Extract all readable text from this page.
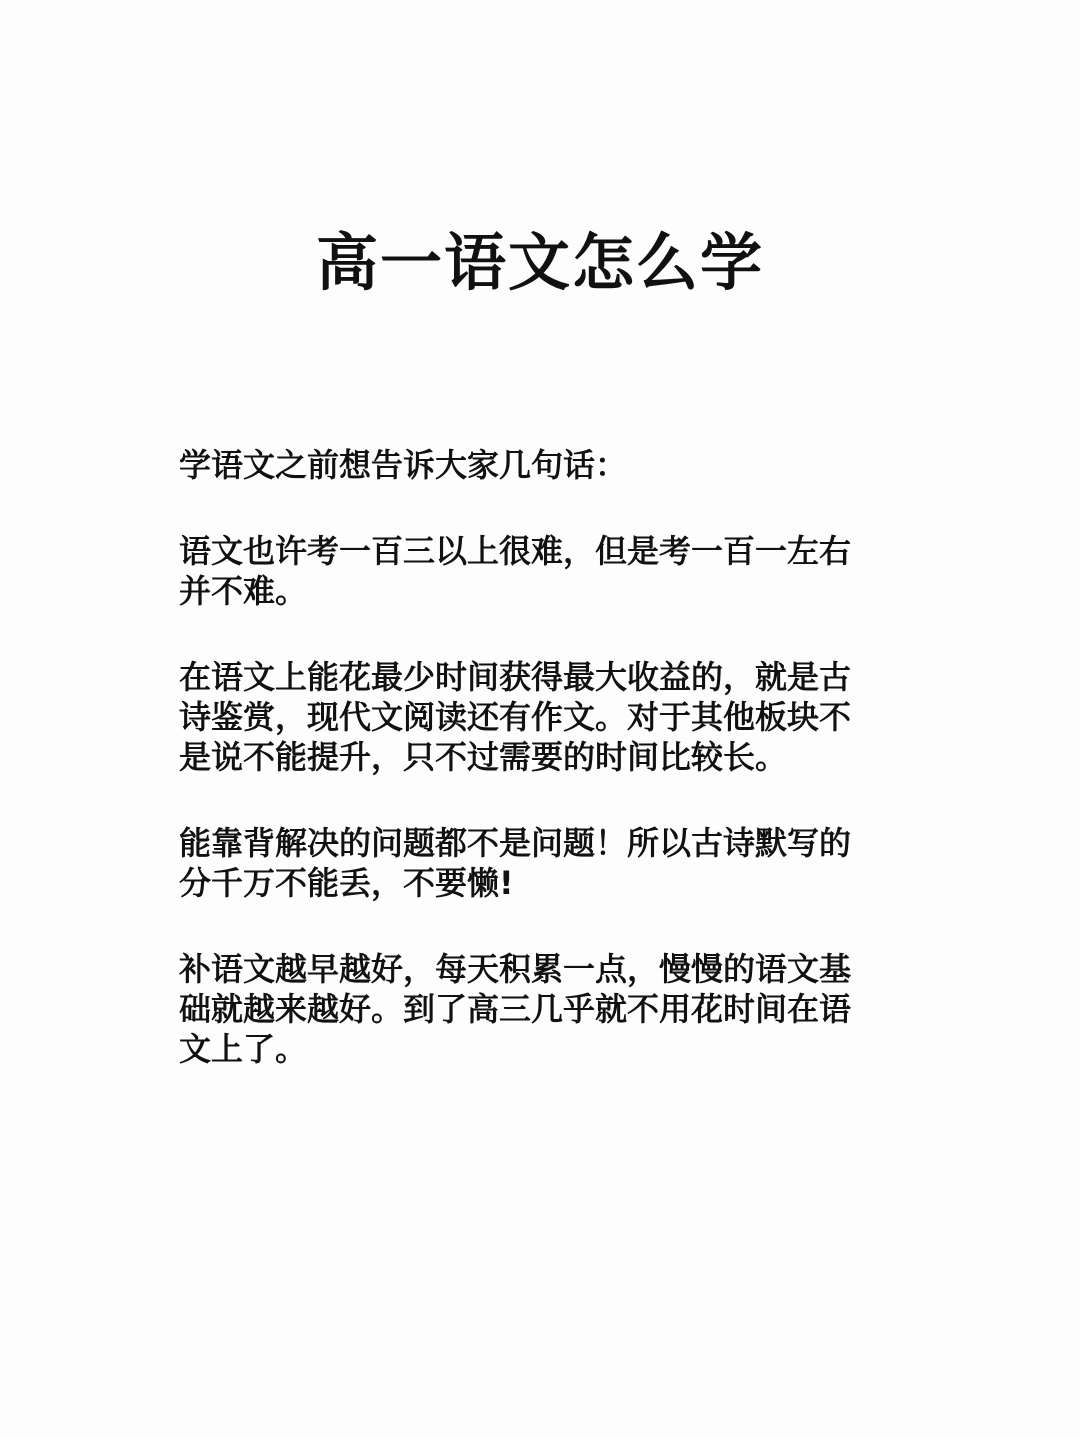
高一语文怎么学

学语文之前想告诉大家几句话：

语文也许考一百三以上很难，但是考一百一左右并不难。

在语文上能花最少时间获得最大收益的，就是古诗鉴赏，现代文阅读还有作文。对于其他板块不是说不能提升，只不过需要的时间比较长。

能靠背解决的问题都不是问题！所以古诗默写的分千万不能丢，不要懒!

补语文越早越好，每天积累一点，慢慢的语文基础就越来越好。到了高三几乎就不用花时间在语文上了。
